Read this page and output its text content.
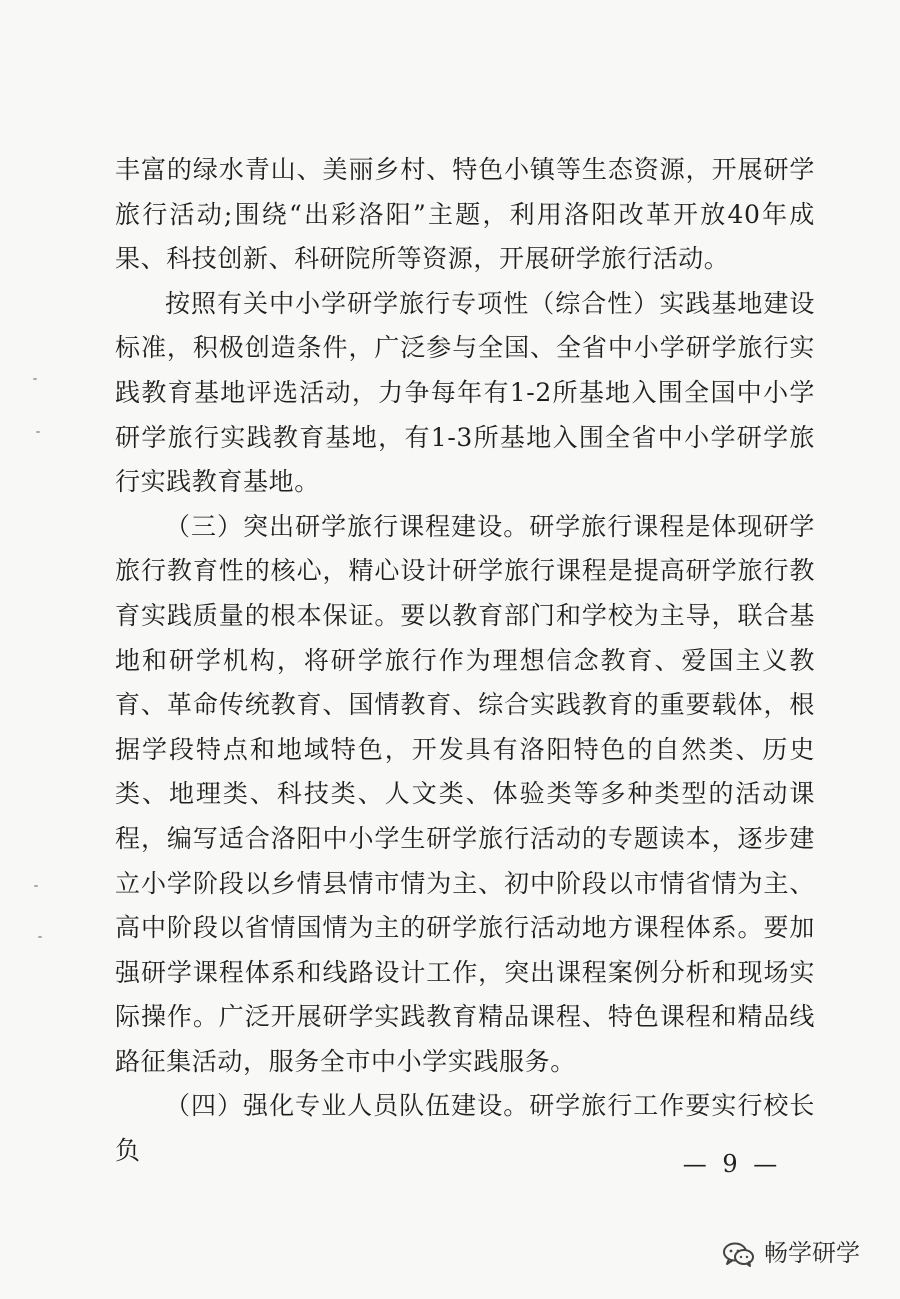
丰富的绿水青山、美丽乡村、特色小镇等生态资源，开展研学旅行活动;围绕“出彩洛阳”主题，利用洛阳改革开放40年成果、科技创新、科研院所等资源，开展研学旅行活动。

按照有关中小学研学旅行专项性（综合性）实践基地建设标准，积极创造条件，广泛参与全国、全省中小学研学旅行实践教育基地评选活动，力争每年有1-2所基地入围全国中小学研学旅行实践教育基地，有1-3所基地入围全省中小学研学旅行实践教育基地。

（三）突出研学旅行课程建设。研学旅行课程是体现研学旅行教育性的核心，精心设计研学旅行课程是提高研学旅行教育实践质量的根本保证。要以教育部门和学校为主导，联合基地和研学机构，将研学旅行作为理想信念教育、爱国主义教育、革命传统教育、国情教育、综合实践教育的重要载体，根据学段特点和地域特色，开发具有洛阳特色的自然类、历史类、地理类、科技类、人文类、体验类等多种类型的活动课程，编写适合洛阳中小学生研学旅行活动的专题读本，逐步建立小学阶段以乡情县情市情为主、初中阶段以市情省情为主、高中阶段以省情国情为主的研学旅行活动地方课程体系。要加强研学课程体系和线路设计工作，突出课程案例分析和现场实际操作。广泛开展研学实践教育精品课程、特色课程和精品线路征集活动，服务全市中小学实践服务。

（四）强化专业人员队伍建设。研学旅行工作要实行校长负	— 9 —
畅学研学
